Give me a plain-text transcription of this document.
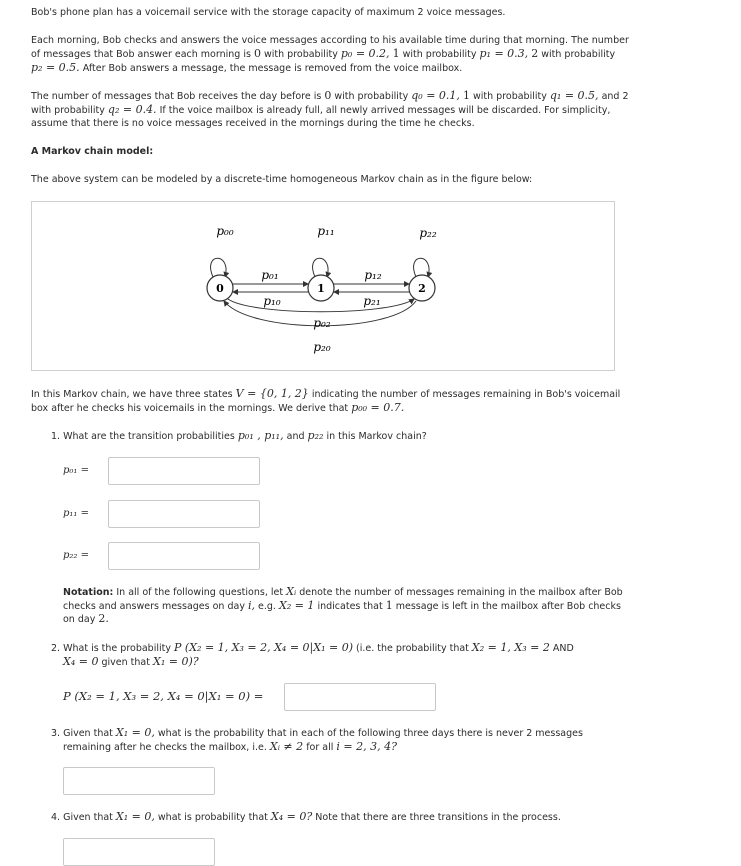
Bob's phone plan has a voicemail service with the storage capacity of maximum 2 voice messages.
Each morning, Bob checks and answers the voice messages according to his available time during that morning. The number
of messages that Bob answer each morning is 0 with probability p₀ = 0.2, 1 with probability p₁ = 0.3, 2 with probability
p₂ = 0.5. After Bob answers a message, the message is removed from the voice mailbox.
The number of messages that Bob receives the day before is 0 with probability q₀ = 0.1, 1 with probability q₁ = 0.5, and 2
with probability q₂ = 0.4. If the voice mailbox is already full, all newly arrived messages will be discarded. For simplicity,
assume that there is no voice messages received in the mornings during the time he checks.
A Markov chain model:
The above system can be modeled by a discrete-time homogeneous Markov chain as in the figure below:
0	1	2
p₀₀	p₁₁	p₂₂
p₀₁
p₁₀
p₁₂
p₂₁
p₀₂
p₂₀
In this Markov chain, we have three states V = {0, 1, 2} indicating the number of messages remaining in Bob's voicemail
box after he checks his voicemails in the mornings. We derive that p₀₀ = 0.7.
1. What are the transition probabilities p₀₁ , p₁₁, and p₂₂ in this Markov chain?
p₀₁ =
p₁₁ =
p₂₂ =
Notation: In all of the following questions, let Xᵢ denote the number of messages remaining in the mailbox after Bob
checks and answers messages on day i, e.g. X₂ = 1 indicates that 1 message is left in the mailbox after Bob checks
on day 2.
2. What is the probability P (X₂ = 1, X₃ = 2, X₄ = 0|X₁ = 0) (i.e. the probability that X₂ = 1, X₃ = 2 AND
X₄ = 0 given that X₁ = 0)?
P (X₂ = 1, X₃ = 2, X₄ = 0|X₁ = 0) =
3. Given that X₁ = 0, what is the probability that in each of the following three days there is never 2 messages
remaining after he checks the mailbox, i.e. Xᵢ ≠ 2 for all i = 2, 3, 4?
4. Given that X₁ = 0, what is probability that X₄ = 0? Note that there are three transitions in the process.
